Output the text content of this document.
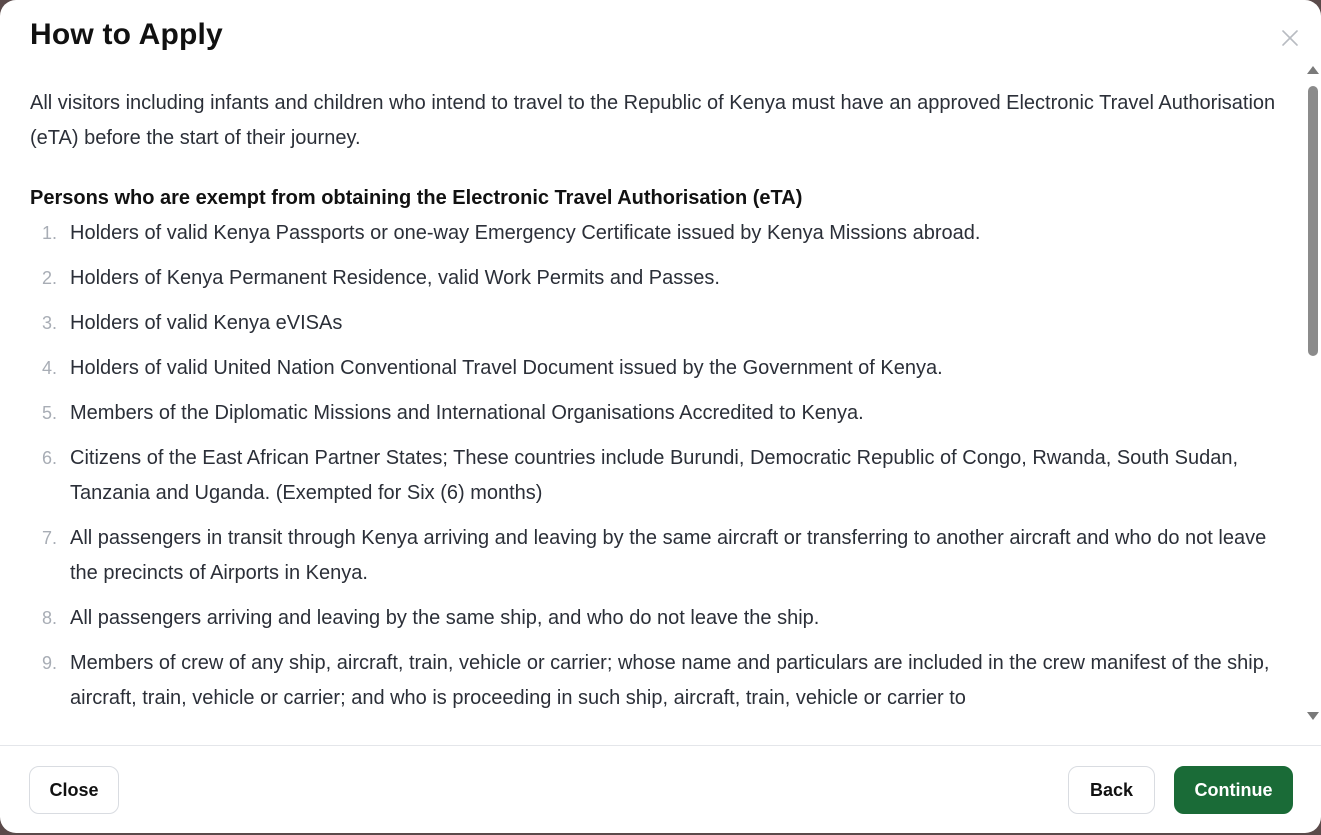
How to Apply

All visitors including infants and children who intend to travel to the Republic of Kenya must have an approved Electronic Travel Authorisation (eTA) before the start of their journey.

Persons who are exempt from obtaining the Electronic Travel Authorisation (eTA)
1. Holders of valid Kenya Passports or one-way Emergency Certificate issued by Kenya Missions abroad.
2. Holders of Kenya Permanent Residence, valid Work Permits and Passes.
3. Holders of valid Kenya eVISAs
4. Holders of valid United Nation Conventional Travel Document issued by the Government of Kenya.
5. Members of the Diplomatic Missions and International Organisations Accredited to Kenya.
6. Citizens of the East African Partner States; These countries include Burundi, Democratic Republic of Congo, Rwanda, South Sudan, Tanzania and Uganda. (Exempted for Six (6) months)
7. All passengers in transit through Kenya arriving and leaving by the same aircraft or transferring to another aircraft and who do not leave the precincts of Airports in Kenya.
8. All passengers arriving and leaving by the same ship, and who do not leave the ship.
9. Members of crew of any ship, aircraft, train, vehicle or carrier; whose name and particulars are included in the crew manifest of the ship, aircraft, train, vehicle or carrier; and who is proceeding in such ship, aircraft, train, vehicle or carrier to
Close	Back	Continue
